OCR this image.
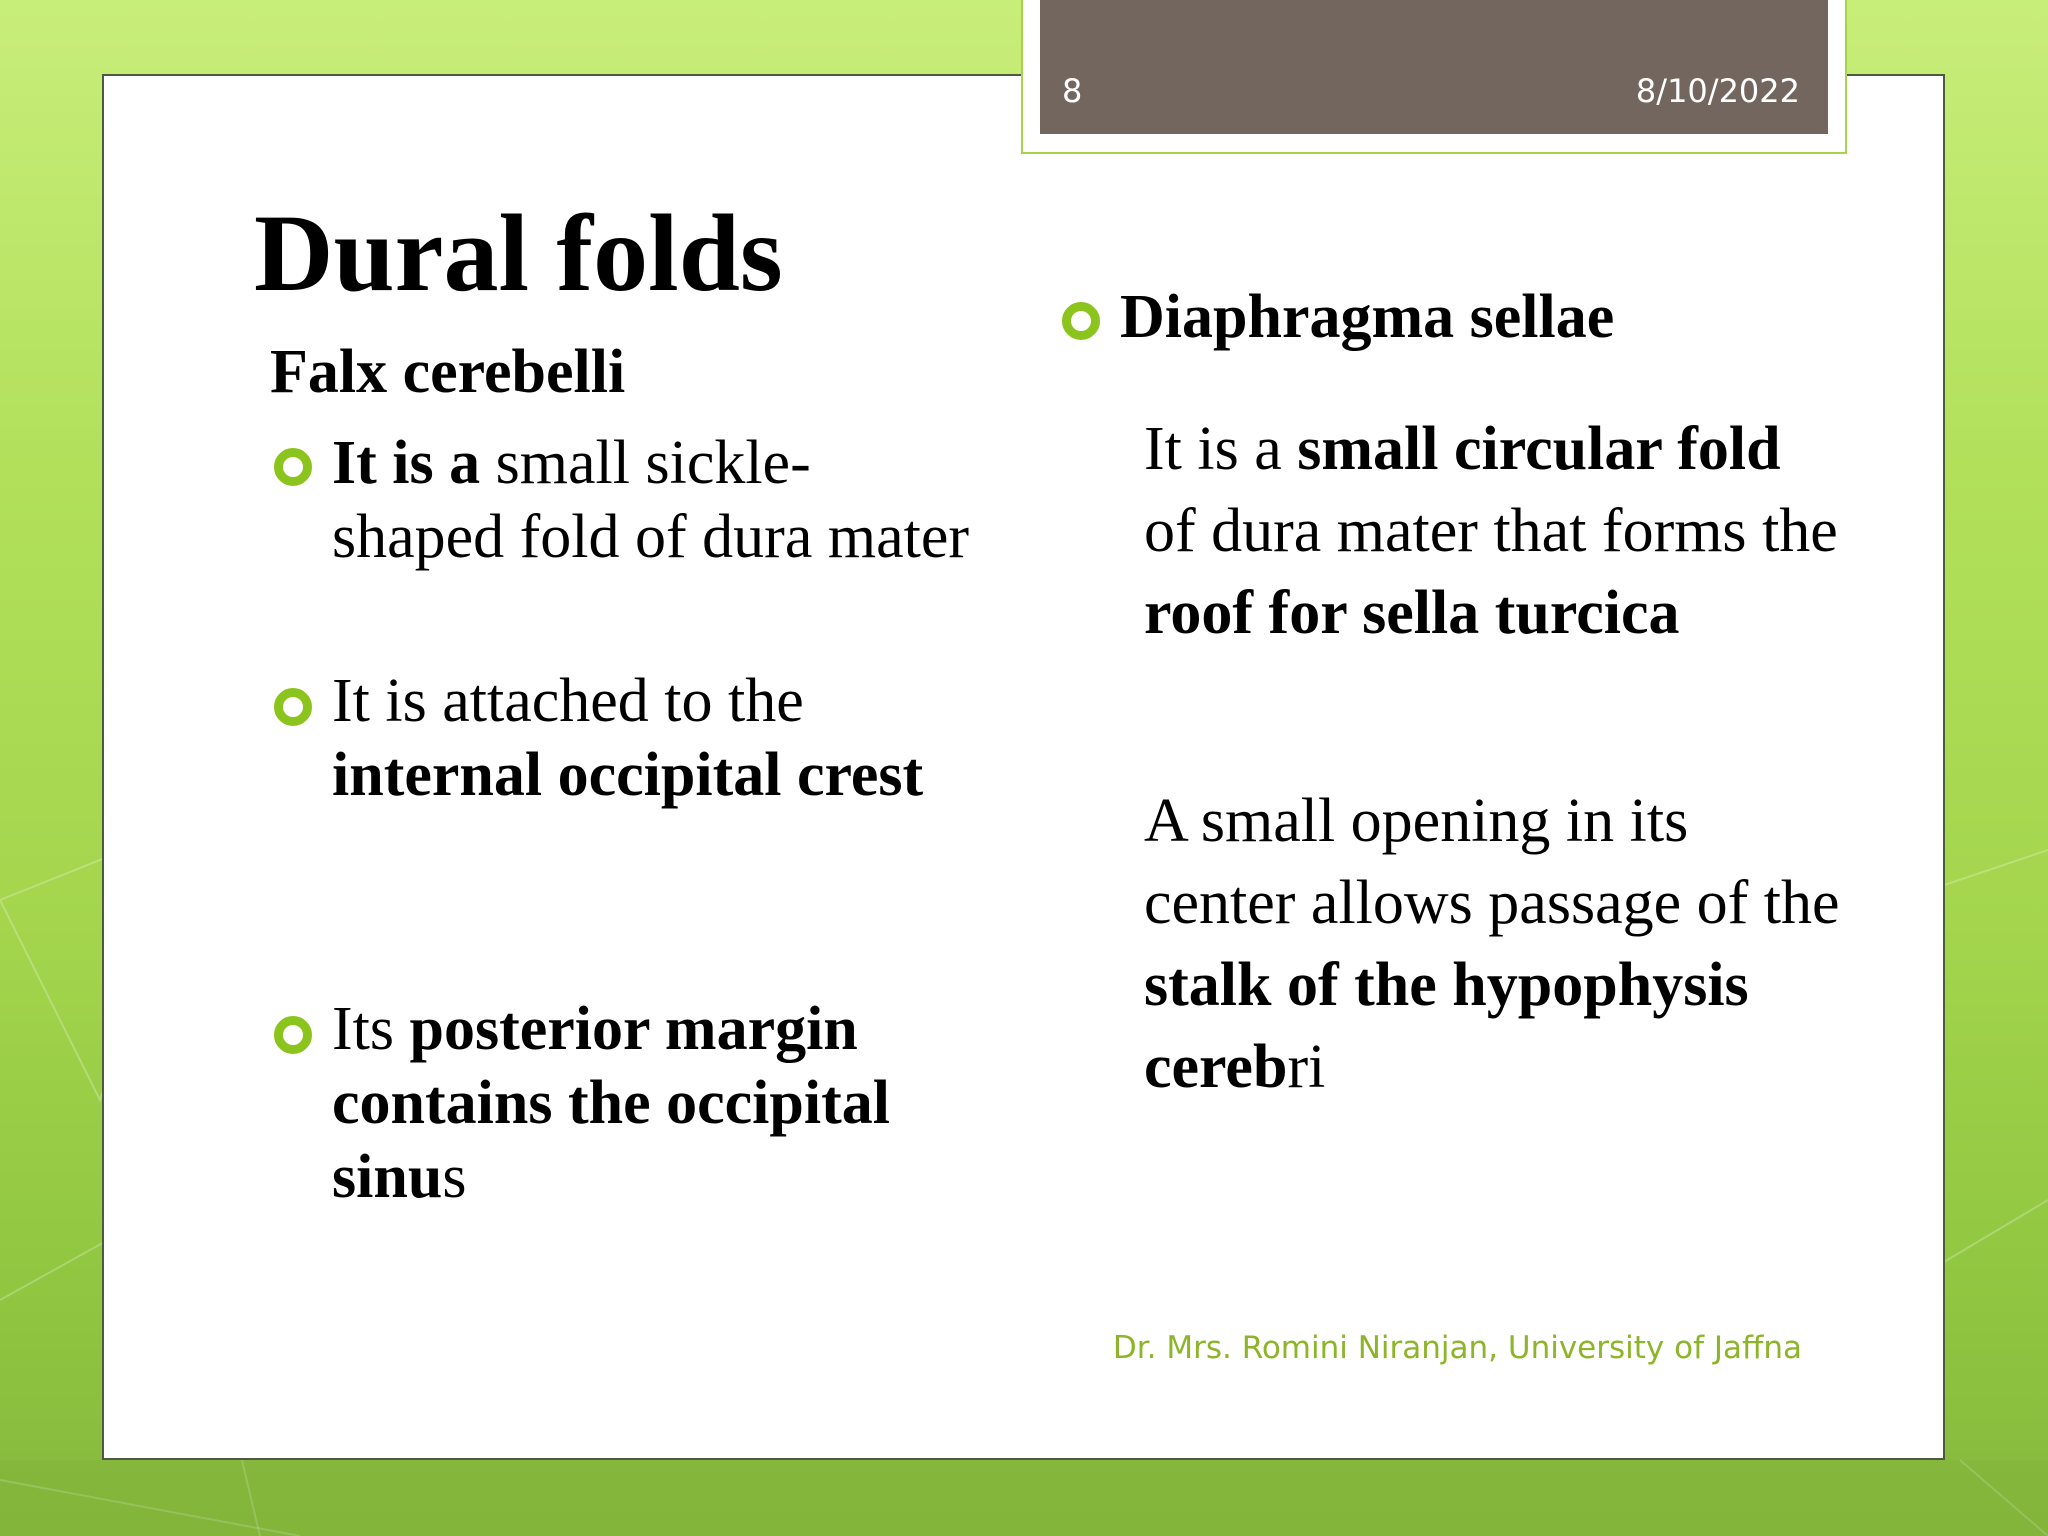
8	8/10/2022
Dural folds
Falx cerebelli

It is a small sickle-shaped fold of dura mater

It is attached to the internal occipital crest

Its posterior margin contains the occipital sinus

Diaphragma sellae

It is a small circular fold of dura mater that forms the roof for sella turcica

A small opening in its center allows passage of the stalk of the hypophysis cerebri

Dr. Mrs. Romini Niranjan, University of Jaffna
